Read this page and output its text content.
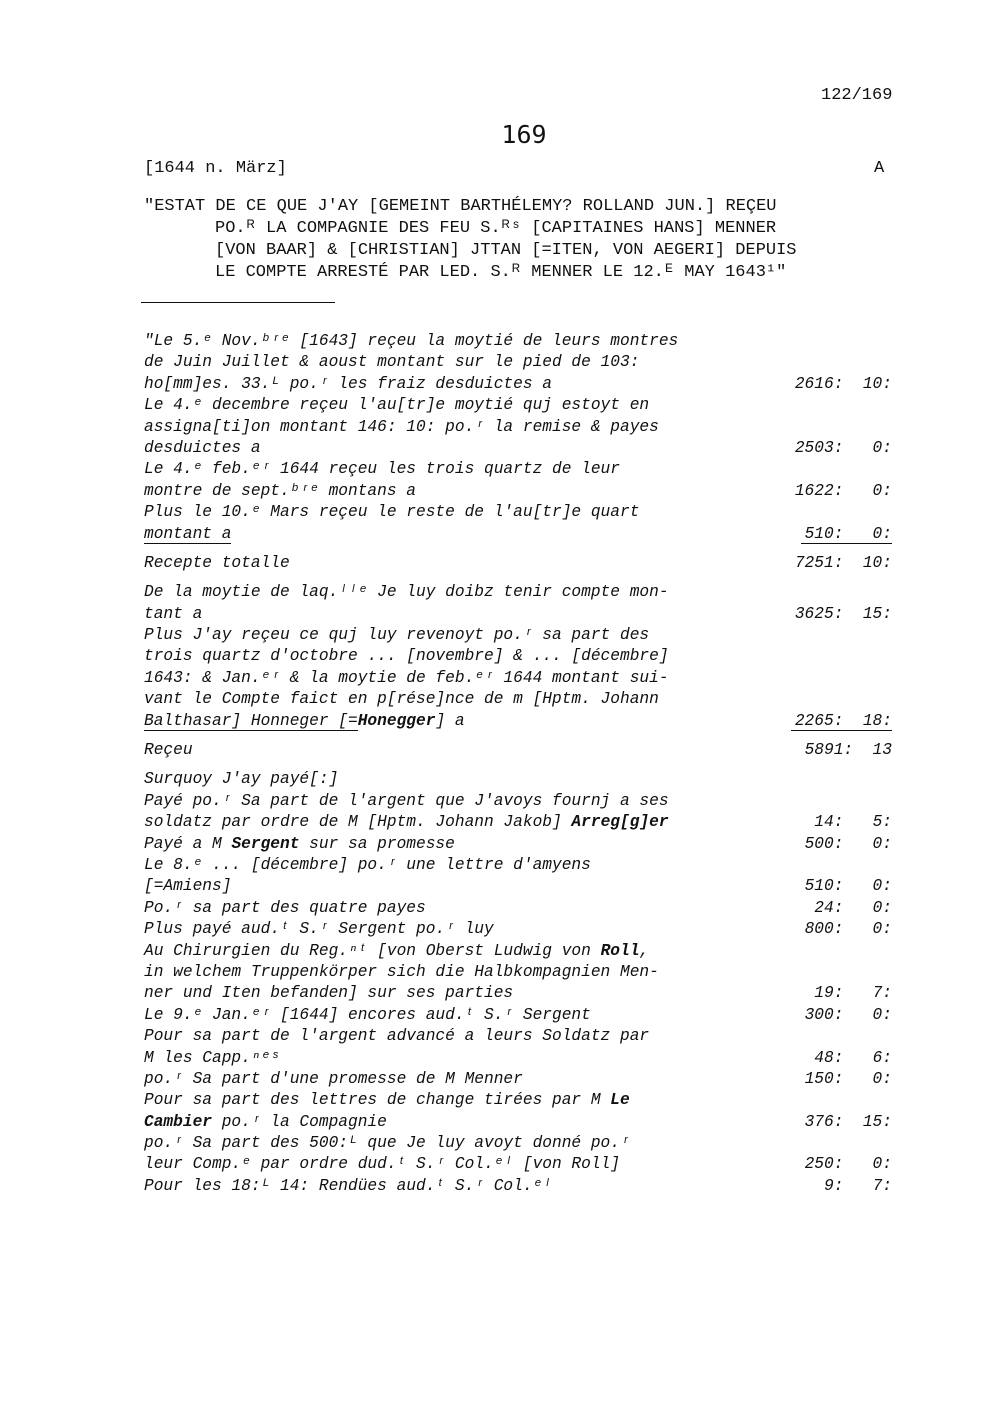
122/169
169
[1644 n. März]	A
"ESTAT DE CE QUE J'AY [GEMEINT BARTHÉLEMY? ROLLAND JUN.] REÇEU
PO.ᴿ LA COMPAGNIE DES FEU S.ᴿˢ [CAPITAINES HANS] MENNER
[VON BAAR] & [CHRISTIAN] JTTAN [=ITEN, VON AEGERI] DEPUIS
LE COMPTE ARRESTÉ PAR LED. S.ᴿ MENNER LE 12.ᴱ MAY 1643¹"
"Le 5.ᵉ Nov.ᵇʳᵉ [1643] reçeu la moytié de leurs montres
de Juin Juillet & aoust montant sur le pied de 103:
ho[mm]es. 33.ᴸ po.ʳ les fraiz desduictes a	2616:  10:
Le 4.ᵉ decembre reçeu l'au[tr]e moytié quj estoyt en
assigna[ti]on montant 146: 10: po.ʳ la remise & payes
desduictes a	2503:   0:
Le 4.ᵉ feb.ᵉʳ 1644 reçeu les trois quartz de leur
montre de sept.ᵇʳᵉ montans a	1622:   0:
Plus le 10.ᵉ Mars reçeu le reste de l'au[tr]e quart
montant a	510:   0:
Recepte totalle	7251:  10:
De la moytie de laq.ˡˡᵉ Je luy doibz tenir compte mon-
tant a	3625:  15:
Plus J'ay reçeu ce quj luy revenoyt po.ʳ sa part des
trois quartz d'octobre ... [novembre] & ... [décembre]
1643: & Jan.ᵉʳ & la moytie de feb.ᵉʳ 1644 montant sui-
vant le Compte faict en p[rése]nce de m [Hptm. Johann
Balthasar] Honneger [=Honegger] a	2265:  18:
Reçeu	5891:  13
Surquoy J'ay payé[:]
Payé po.ʳ Sa part de l'argent que J'avoys fournj a ses
soldatz par ordre de M [Hptm. Johann Jakob] Arreg[g]er	14:   5:
Payé a M Sergent sur sa promesse	500:   0:
Le 8.ᵉ ... [décembre] po.ʳ une lettre d'amyens
[=Amiens]	510:   0:
Po.ʳ sa part des quatre payes	24:   0:
Plus payé aud.ᵗ S.ʳ Sergent po.ʳ luy	800:   0:
Au Chirurgien du Reg.ⁿᵗ [von Oberst Ludwig von Roll,
in welchem Truppenkörper sich die Halbkompagnien Men-
ner und Iten befanden] sur ses parties	19:   7:
Le 9.ᵉ Jan.ᵉʳ [1644] encores aud.ᵗ S.ʳ Sergent	300:   0:
Pour sa part de l'argent advancé a leurs Soldatz par
M les Capp.ⁿᵉˢ	48:   6:
po.ʳ Sa part d'une promesse de M Menner	150:   0:
Pour sa part des lettres de change tirées par M Le
Cambier po.ʳ la Compagnie	376:  15:
po.ʳ Sa part des 500:ᴸ que Je luy avoyt donné po.ʳ
leur Comp.ᵉ par ordre dud.ᵗ S.ʳ Col.ᵉˡ [von Roll]	250:   0:
Pour les 18:ᴸ 14: Rendües aud.ᵗ S.ʳ Col.ᵉˡ	9:   7:
